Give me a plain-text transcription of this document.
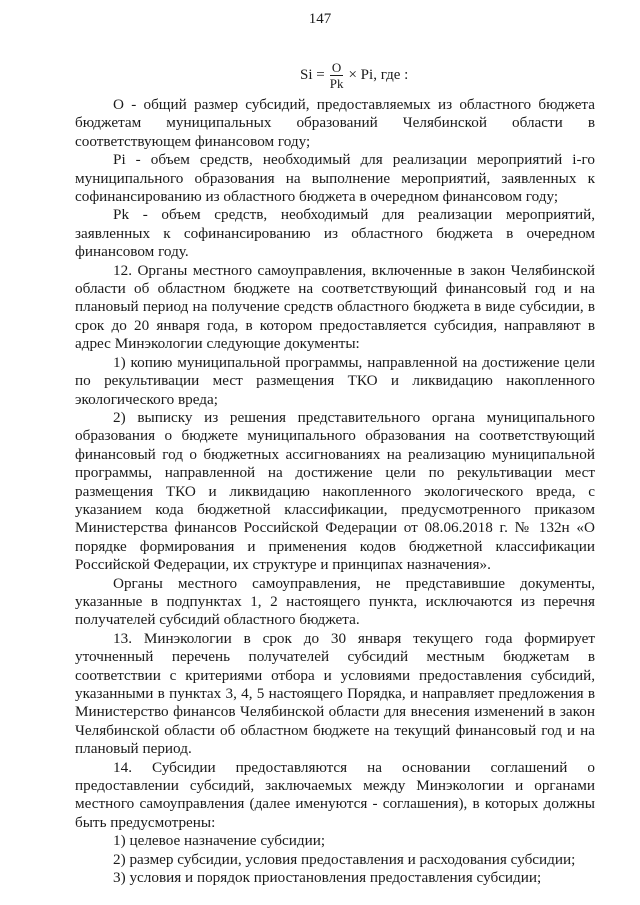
147
$Si = \frac{O}{Pk} \times Pi$, где :

О - общий размер субсидий, предоставляемых из областного бюджета бюджетам муниципальных образований Челябинской области в соответствующем финансовом году;

Pi - объем средств, необходимый для реализации мероприятий i-го муниципального образования на выполнение мероприятий, заявленных к софинансированию из областного бюджета в очередном финансовом году;

Pk - объем средств, необходимый для реализации мероприятий, заявленных к софинансированию из областного бюджета в очередном финансовом году.

12. Органы местного самоуправления, включенные в закон Челябинской области об областном бюджете на соответствующий финансовый год и на плановый период на получение средств областного бюджета в виде субсидии, в срок до 20 января года, в котором предоставляется субсидия, направляют в адрес Минэкологии следующие документы:

1) копию муниципальной программы, направленной на достижение цели по рекультивации мест размещения ТКО и ликвидацию накопленного экологического вреда;

2) выписку из решения представительного органа муниципального образования о бюджете муниципального образования на соответствующий финансовый год о бюджетных ассигнованиях на реализацию муниципальной программы, направленной на достижение цели по рекультивации мест размещения ТКО и ликвидацию накопленного экологического вреда, с указанием кода бюджетной классификации, предусмотренного приказом Министерства финансов Российской Федерации от 08.06.2018 г. № 132н «О порядке формирования и применения кодов бюджетной классификации Российской Федерации, их структуре и принципах назначения».

Органы местного самоуправления, не представившие документы, указанные в подпунктах 1, 2 настоящего пункта, исключаются из перечня получателей субсидий областного бюджета.

13. Минэкологии в срок до 30 января текущего года формирует уточненный перечень получателей субсидий местным бюджетам в соответствии с критериями отбора и условиями предоставления субсидий, указанными в пунктах 3, 4, 5 настоящего Порядка, и направляет предложения в Министерство финансов Челябинской области для внесения изменений в закон Челябинской области об областном бюджете на текущий финансовый год и на плановый период.

14. Субсидии предоставляются на основании соглашений о предоставлении субсидий, заключаемых между Минэкологии и органами местного самоуправления (далее именуются - соглашения), в которых должны быть предусмотрены:

1) целевое назначение субсидии;

2) размер субсидии, условия предоставления и расходования субсидии;

3) условия и порядок приостановления предоставления субсидии;
